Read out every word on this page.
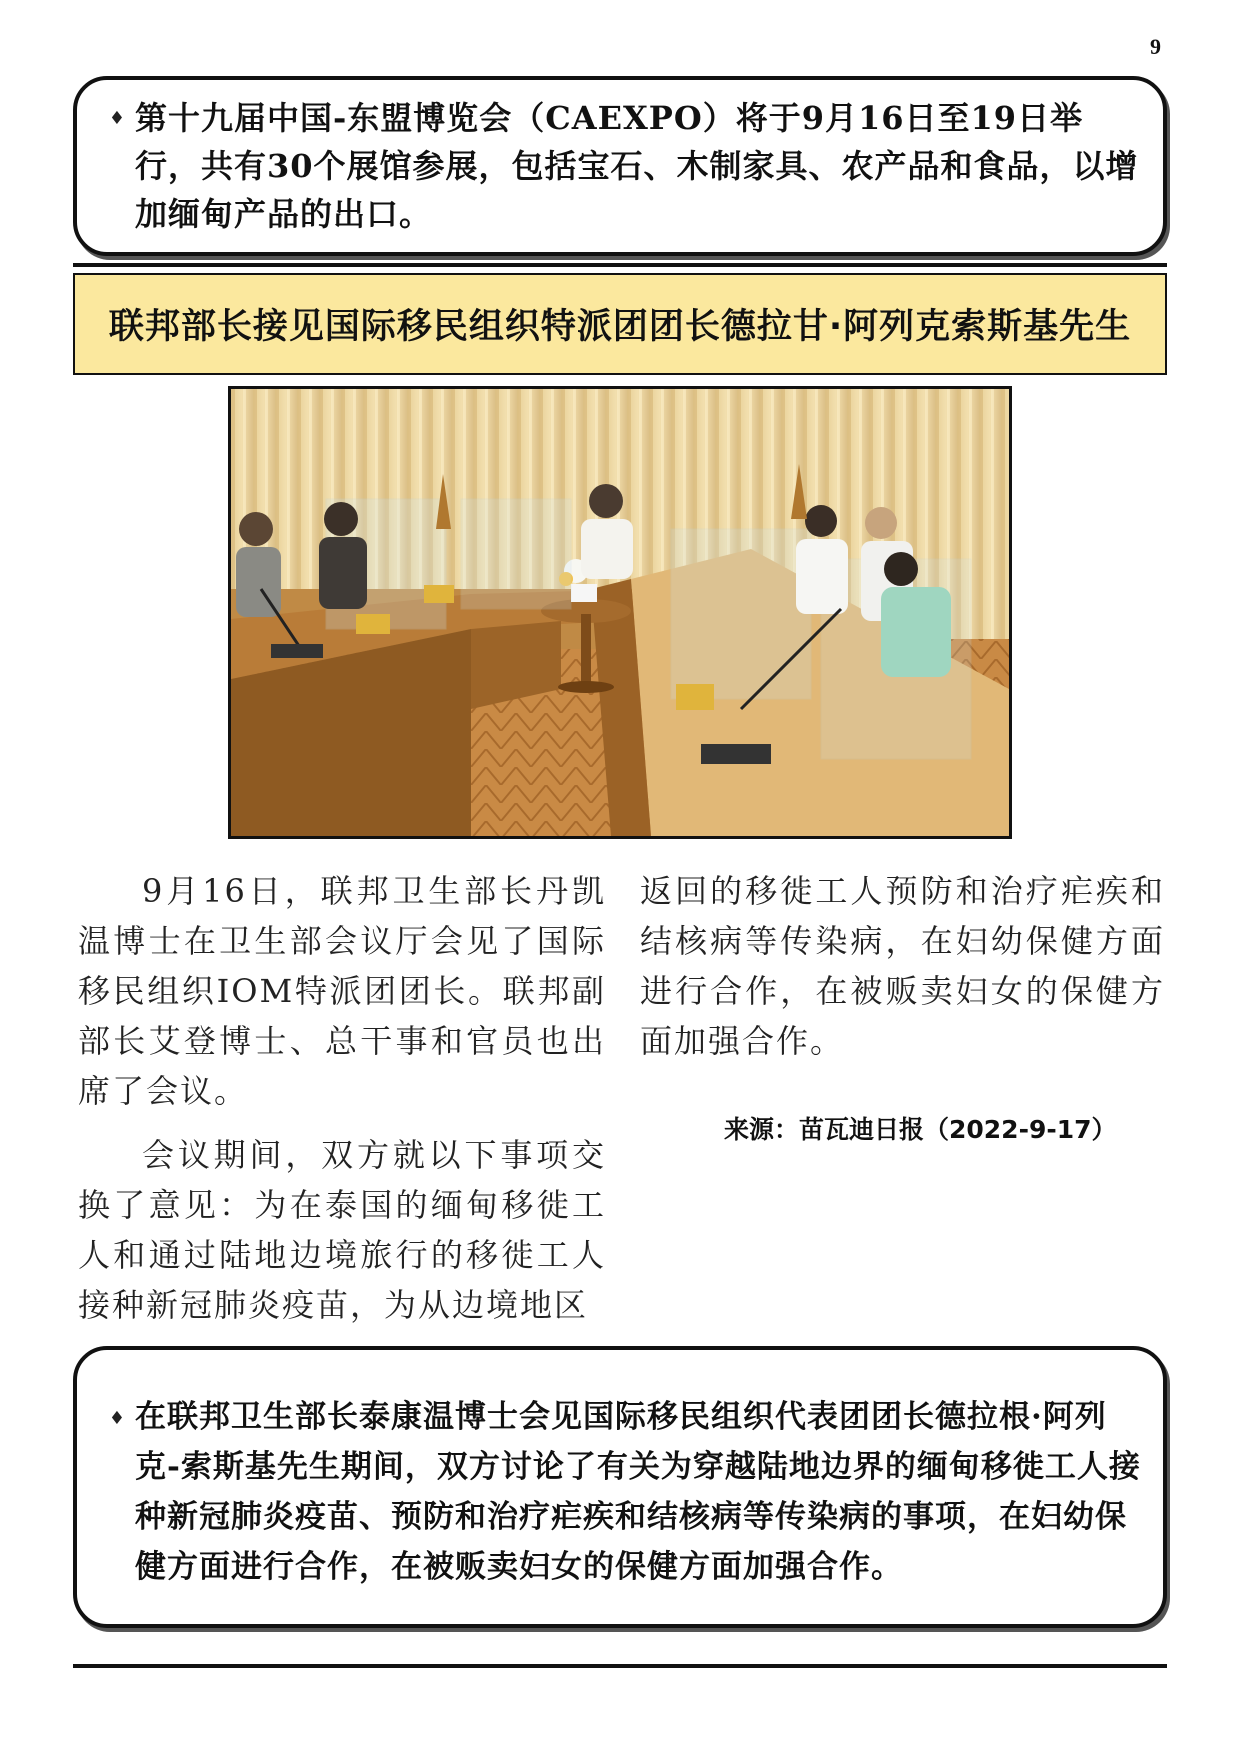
9
♦ 第十九届中国-东盟博览会（CAEXPO）将于9月16日至19日举行，共有30个展馆参展，包括宝石、木制家具、农产品和食品，以增加缅甸产品的出口。
联邦部长接见国际移民组织特派团团长德拉甘·阿列克索斯基先生

9月16日，联邦卫生部长丹凯温博士在卫生部会议厅会见了国际移民组织IOM特派团团长。联邦副部长艾登博士、总干事和官员也出席了会议。

会议期间，双方就以下事项交换了意见：为在泰国的缅甸移徙工人和通过陆地边境旅行的移徙工人接种新冠肺炎疫苗，为从边境地区

返回的移徙工人预防和治疗疟疾和结核病等传染病，在妇幼保健方面进行合作，在被贩卖妇女的保健方面加强合作。

来源：苗瓦迪日报（2022-9-17）
♦ 在联邦卫生部长泰康温博士会见国际移民组织代表团团长德拉根·阿列克-索斯基先生期间，双方讨论了有关为穿越陆地边界的缅甸移徙工人接种新冠肺炎疫苗、预防和治疗疟疾和结核病等传染病的事项，在妇幼保健方面进行合作，在被贩卖妇女的保健方面加强合作。
